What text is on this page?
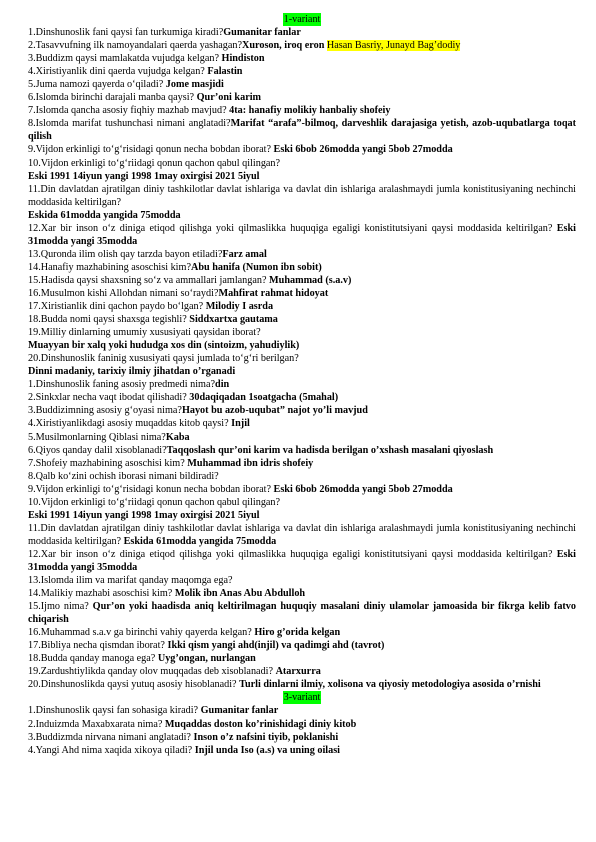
1-variant
1.Dinshunoslik fani qaysi fan turkumiga kiradi?Gumanitar fanlar
2.Tasavvufning ilk namoyandalari qaerda yashagan?Xuroson, iroq eron Hasan Basriy, Junayd Bag’dodiy
3.Buddizm qaysi mamlakatda vujudga kelgan? Hindiston
4.Xiristiyanlik dini qaerda vujudga kelgan? Falastin
5.Juma namozi qayerda o‘qiladi? Jome masjidi
6.Islomda birinchi darajali manba qaysi? Qur’oni karim
7.Islomda qancha asosiy fiqhiy mazhab mavjud? 4ta: hanafiy molikiy hanbaliy shofeiy
8.Islomda marifat tushunchasi nimani anglatadi?Marifat “arafa”-bilmoq, darveshlik darajasiga yetish, azob-uqubatlarga toqat qilish
9.Vijdon erkinligi to‘g‘risidagi qonun necha bobdan iborat? Eski 6bob 26modda yangi 5bob 27modda
10.Vijdon erkinligi to‘g‘riidagi qonun qachon qabul qilingan?
Eski 1991 14iyun yangi 1998 1may oxirgisi 2021 5iyul
11.Din davlatdan ajratilgan diniy tashkilotlar davlat ishlariga va davlat din ishlariga aralashmaydi jumla konistitusiyaning nechinchi moddasida keltirilgan?
Eskida 61modda yangida 75modda
12.Xar bir inson o‘z diniga etiqod qilishga yoki qilmaslikka huquqiga egaligi konistitutsiyani qaysi moddasida keltirilgan? Eski 31modda yangi 35modda
13.Quronda ilim olish qay tarzda bayon etiladi?Farz amal
14.Hanafiy mazhabining asoschisi kim?Abu hanifa (Numon ibn sobit)
15.Hadisda qaysi shaxsning so‘z va ammallari jamlangan? Muhammad (s.a.v)
16.Musulmon kishi Allohdan nimani so‘raydi?Mahfirat rahmat hidoyat
17.Xiristianlik dini qachon paydo bo‘lgan? Milodiy I asrda
18.Budda nomi qaysi shaxsga tegishli? Siddxartxa gautama
19.Milliy dinlarning umumiy xususiyati qaysidan iborat?
Muayyan bir xalq yoki hududga xos din (sintoizm, yahudiylik)
20.Dinshunoslik faninig xususiyati qaysi jumlada to‘g‘ri berilgan?
Dinni madaniy, tarixiy ilmiy jihatdan o’rganadi
1.Dinshunoslik faning asosiy predmedi nima?din
2.Sinkxlar necha vaqt ibodat qilishadi? 30daqiqadan 1soatgacha (5mahal)
3.Buddizimning asosiy g‘oyasi nima?Hayot bu azob-uqubat” najot yo’li mavjud
4.Xiristiyanlikdagi asosiy muqaddas kitob qaysi? Injil
5.Musilmonlarning Qiblasi nima?Kaba
6.Qiyos qanday dalil xisoblanadi?Taqqoslash qur’oni karim va hadisda berilgan o’xshash masalani qiyoslash
7.Shofeiy mazhabining asoschisi kim? Muhammad ibn idris shofeiy
8.Qalb ko‘zini ochish iborasi nimani bildiradi?
9.Vijdon erkinligi to‘g‘risidagi konun necha bobdan iborat? Eski 6bob 26modda yangi 5bob 27modda
10.Vijdon erkinligi to‘g‘riidagi qonun qachon qabul qilingan?
Eski 1991 14iyun yangi 1998 1may oxirgisi 2021 5iyul
11.Din davlatdan ajratilgan diniy tashkilotlar davlat ishlariga va davlat din ishlariga aralashmaydi jumla konistitusiyaning nechinchi moddasida keltirilgan? Eskida 61modda yangida 75modda
12.Xar bir inson o‘z diniga etiqod qilishga yoki qilmaslikka huquqiga egaligi konistitutsiyani qaysi moddasida keltirilgan? Eski 31modda yangi 35modda
13.Islomda ilim va marifat qanday maqomga ega?
14.Malikiy mazhabi asoschisi kim? Molik ibn Anas Abu Abdulloh
15.Ijmo nima? Qur’on yoki haadisda aniq keltirilmagan huquqiy masalani diniy ulamolar jamoasida bir fikrga kelib fatvo chiqarish
16.Muhammad s.a.v ga birinchi vahiy qayerda kelgan? Hiro g’orida kelgan
17.Bibliya necha qismdan iborat? Ikki qism yangi ahd(injil) va qadimgi ahd (tavrot)
18.Budda qanday manoga ega? Uyg’ongan, nurlangan
19.Zardushtiylikda qanday olov muqqadas deb xisoblanadi? Atarxurra
20.Dinshunoslikda qaysi yutuq asosiy hisoblanadi? Turli dinlarni ilmiy, xolisona va qiyosiy metodologiya asosida o’rnishi
3-variant
1.Dinshunoslik qaysi fan sohasiga kiradi? Gumanitar fanlar
2.Induizmda Maxabxarata nima? Muqaddas doston ko’rinishidagi diniy kitob
3.Buddizmda nirvana nimani anglatadi? Inson o’z nafsini tiyib, poklanishi
4.Yangi Ahd nima xaqida xikoya qiladi? Injil unda Iso (a.s) va uning oilasi
